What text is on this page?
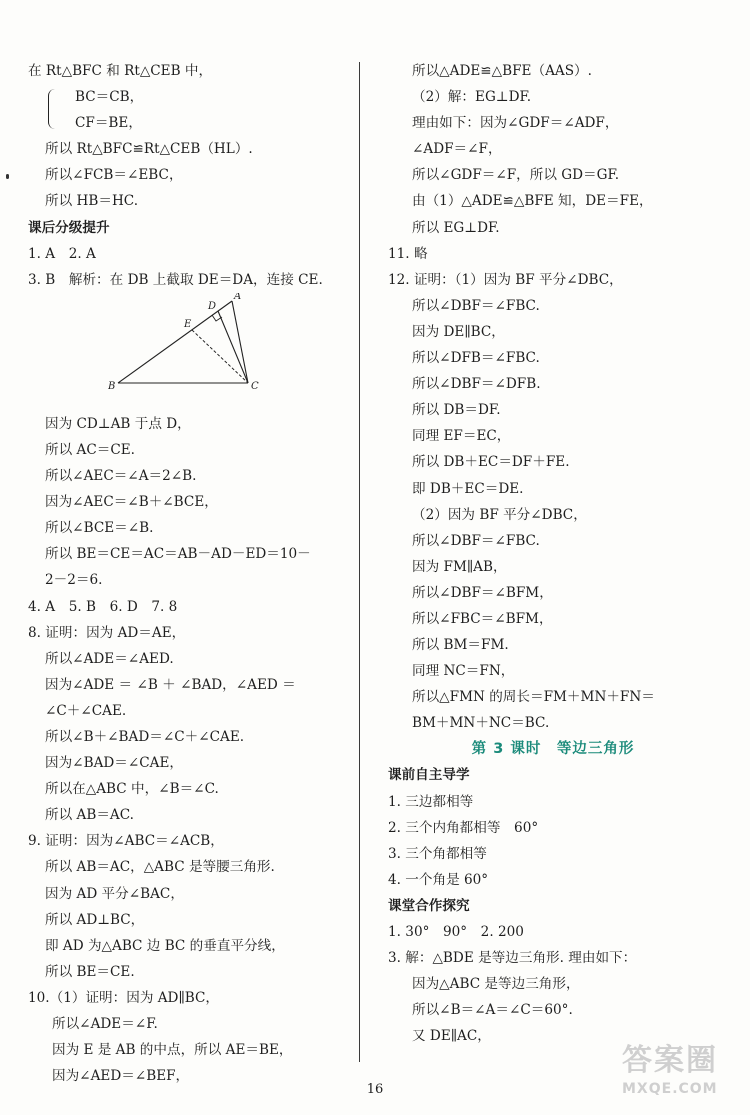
在 Rt△BFC 和 Rt△CEB 中，
BC＝CB，
CF＝BE，
所以 Rt△BFC≌Rt△CEB（HL）.
所以∠FCB＝∠EBC，
所以 HB＝HC.
课后分级提升
1. A　2. A
3. B　解析：在 DB 上截取 DE＝DA，连接 CE.
A
D
E
B	C
因为 CD⊥AB 于点 D，
所以 AC＝CE.
所以∠AEC＝∠A＝2∠B.
因为∠AEC＝∠B＋∠BCE，
所以∠BCE＝∠B.
所以 BE＝CE＝AC＝AB－AD－ED＝10－
2－2＝6.
4. A　5. B　6. D　7. 8
8. 证明：因为 AD＝AE，
所以∠ADE＝∠AED.
因为∠ADE ＝ ∠B ＋ ∠BAD，∠AED ＝
∠C＋∠CAE.
所以∠B＋∠BAD＝∠C＋∠CAE.
因为∠BAD＝∠CAE，
所以在△ABC 中，∠B＝∠C.
所以 AB＝AC.
9. 证明：因为∠ABC＝∠ACB，
所以 AB＝AC，△ABC 是等腰三角形.
因为 AD 平分∠BAC，
所以 AD⊥BC，
即 AD 为△ABC 边 BC 的垂直平分线，
所以 BE＝CE.
10.（1）证明：因为 AD∥BC，
所以∠ADE＝∠F.
因为 E 是 AB 的中点，所以 AE＝BE，
因为∠AED＝∠BEF，
所以△ADE≌△BFE（AAS）.
（2）解：EG⊥DF.
理由如下：因为∠GDF＝∠ADF，
∠ADF＝∠F，
所以∠GDF＝∠F，所以 GD＝GF.
由（1）△ADE≌△BFE 知，DE＝FE，
所以 EG⊥DF.
11. 略
12. 证明：（1）因为 BF 平分∠DBC，
所以∠DBF＝∠FBC.
因为 DE∥BC，
所以∠DFB＝∠FBC.
所以∠DBF＝∠DFB.
所以 DB＝DF.
同理 EF＝EC，
所以 DB＋EC＝DF＋FE.
即 DB＋EC＝DE.
（2）因为 BF 平分∠DBC，
所以∠DBF＝∠FBC.
因为 FM∥AB，
所以∠DBF＝∠BFM，
所以∠FBC＝∠BFM，
所以 BM＝FM.
同理 NC＝FN，
所以△FMN 的周长＝FM＋MN＋FN＝
BM＋MN＋NC＝BC.
第 3 课时　等边三角形
课前自主导学
1. 三边都相等
2. 三个内角都相等　60°
3. 三个角都相等
4. 一个角是 60°
课堂合作探究
1. 30°　90°　2. 200
3. 解：△BDE 是等边三角形. 理由如下：
因为△ABC 是等边三角形，
所以∠B＝∠A＝∠C＝60°.
又 DE∥AC，
16
答案圈
MXQE.COM
